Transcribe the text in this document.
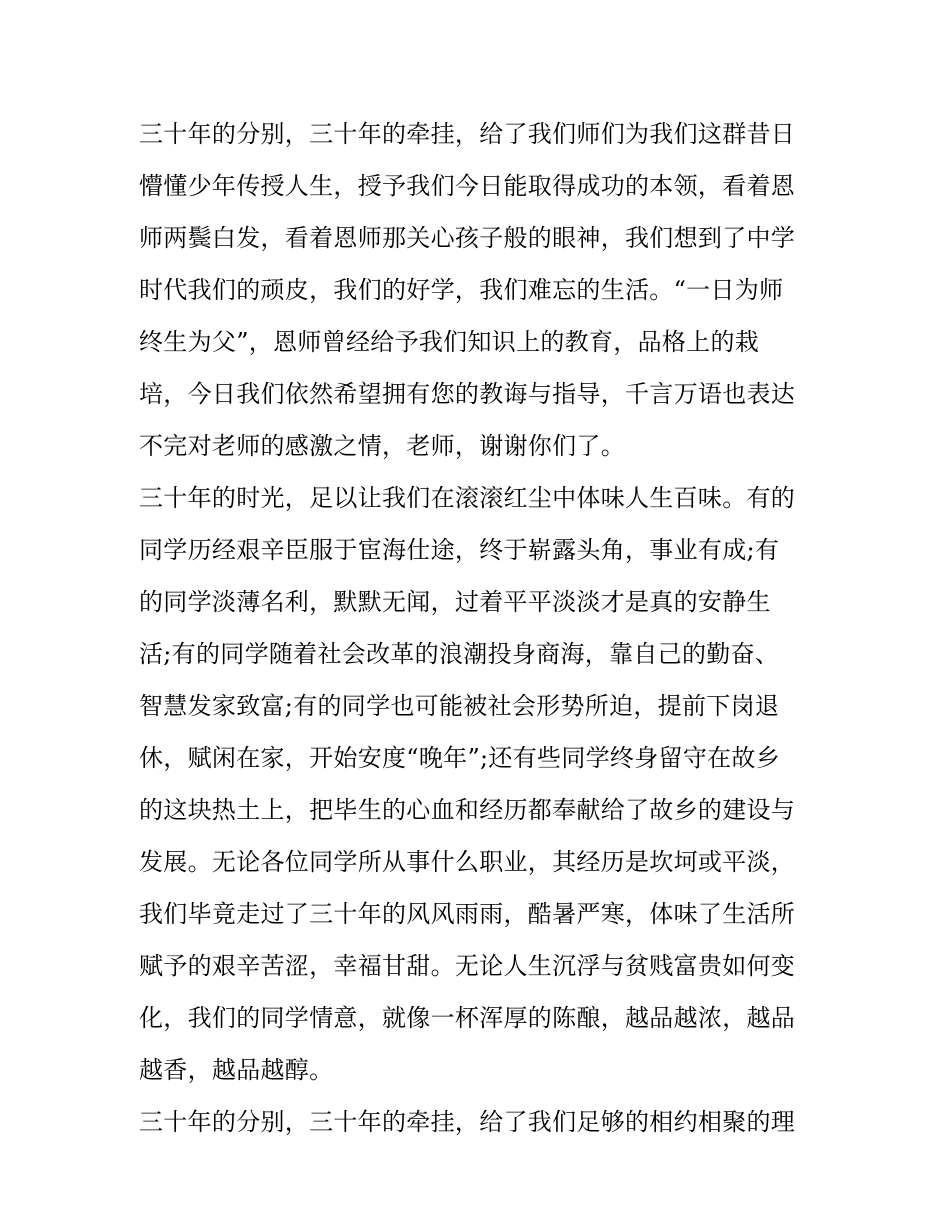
三十年的分别，三十年的牵挂，给了我们师们为我们这群昔日
懵懂少年传授人生，授予我们今日能取得成功的本领，看着恩
师两鬓白发，看着恩师那关心孩子般的眼神，我们想到了中学
时代我们的顽皮，我们的好学，我们难忘的生活。“一日为师
终生为父”，恩师曾经给予我们知识上的教育，品格上的栽
培，今日我们依然希望拥有您的教诲与指导，千言万语也表达
不完对老师的感激之情，老师，谢谢你们了。
三十年的时光，足以让我们在滚滚红尘中体味人生百味。有的
同学历经艰辛臣服于宦海仕途，终于崭露头角，事业有成;有
的同学淡薄名利，默默无闻，过着平平淡淡才是真的安静生
活;有的同学随着社会改革的浪潮投身商海，靠自己的勤奋、
智慧发家致富;有的同学也可能被社会形势所迫，提前下岗退
休，赋闲在家，开始安度“晚年”;还有些同学终身留守在故乡
的这块热土上，把毕生的心血和经历都奉献给了故乡的建设与
发展。无论各位同学所从事什么职业，其经历是坎坷或平淡，
我们毕竟走过了三十年的风风雨雨，酷暑严寒，体味了生活所
赋予的艰辛苦涩，幸福甘甜。无论人生沉浮与贫贱富贵如何变
化，我们的同学情意，就像一杯浑厚的陈酿，越品越浓，越品
越香，越品越醇。
三十年的分别，三十年的牵挂，给了我们足够的相约相聚的理
